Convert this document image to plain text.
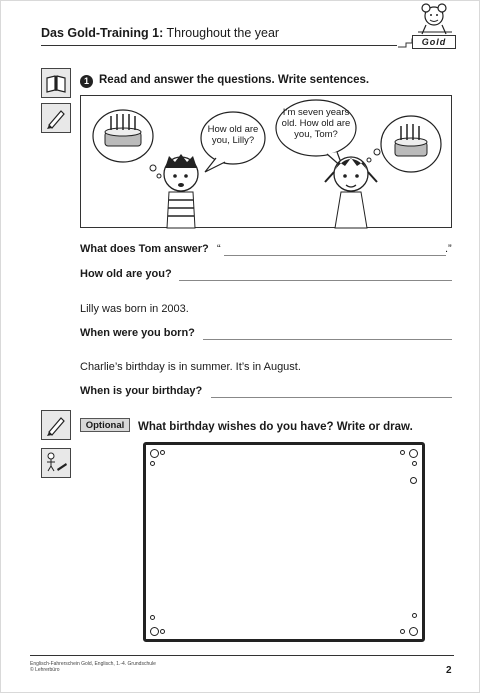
Das Gold-Training 1: Throughout the year
Gold
1 Read and answer the questions. Write sentences.
How old are you, Lilly?
I’m seven years old. How old are you, Tom?
What does Tom answer? “	.”
How old are you?
Lilly was born in 2003.
When were you born?
Charlie’s birthday is in summer. It’s in August.
When is your birthday?
Optional	What birthday wishes do you have? Write or draw.
Englisch-Fahrerschein Gold, Englisch, 1.-4. Grundschule
© Lehrerbüro	2
